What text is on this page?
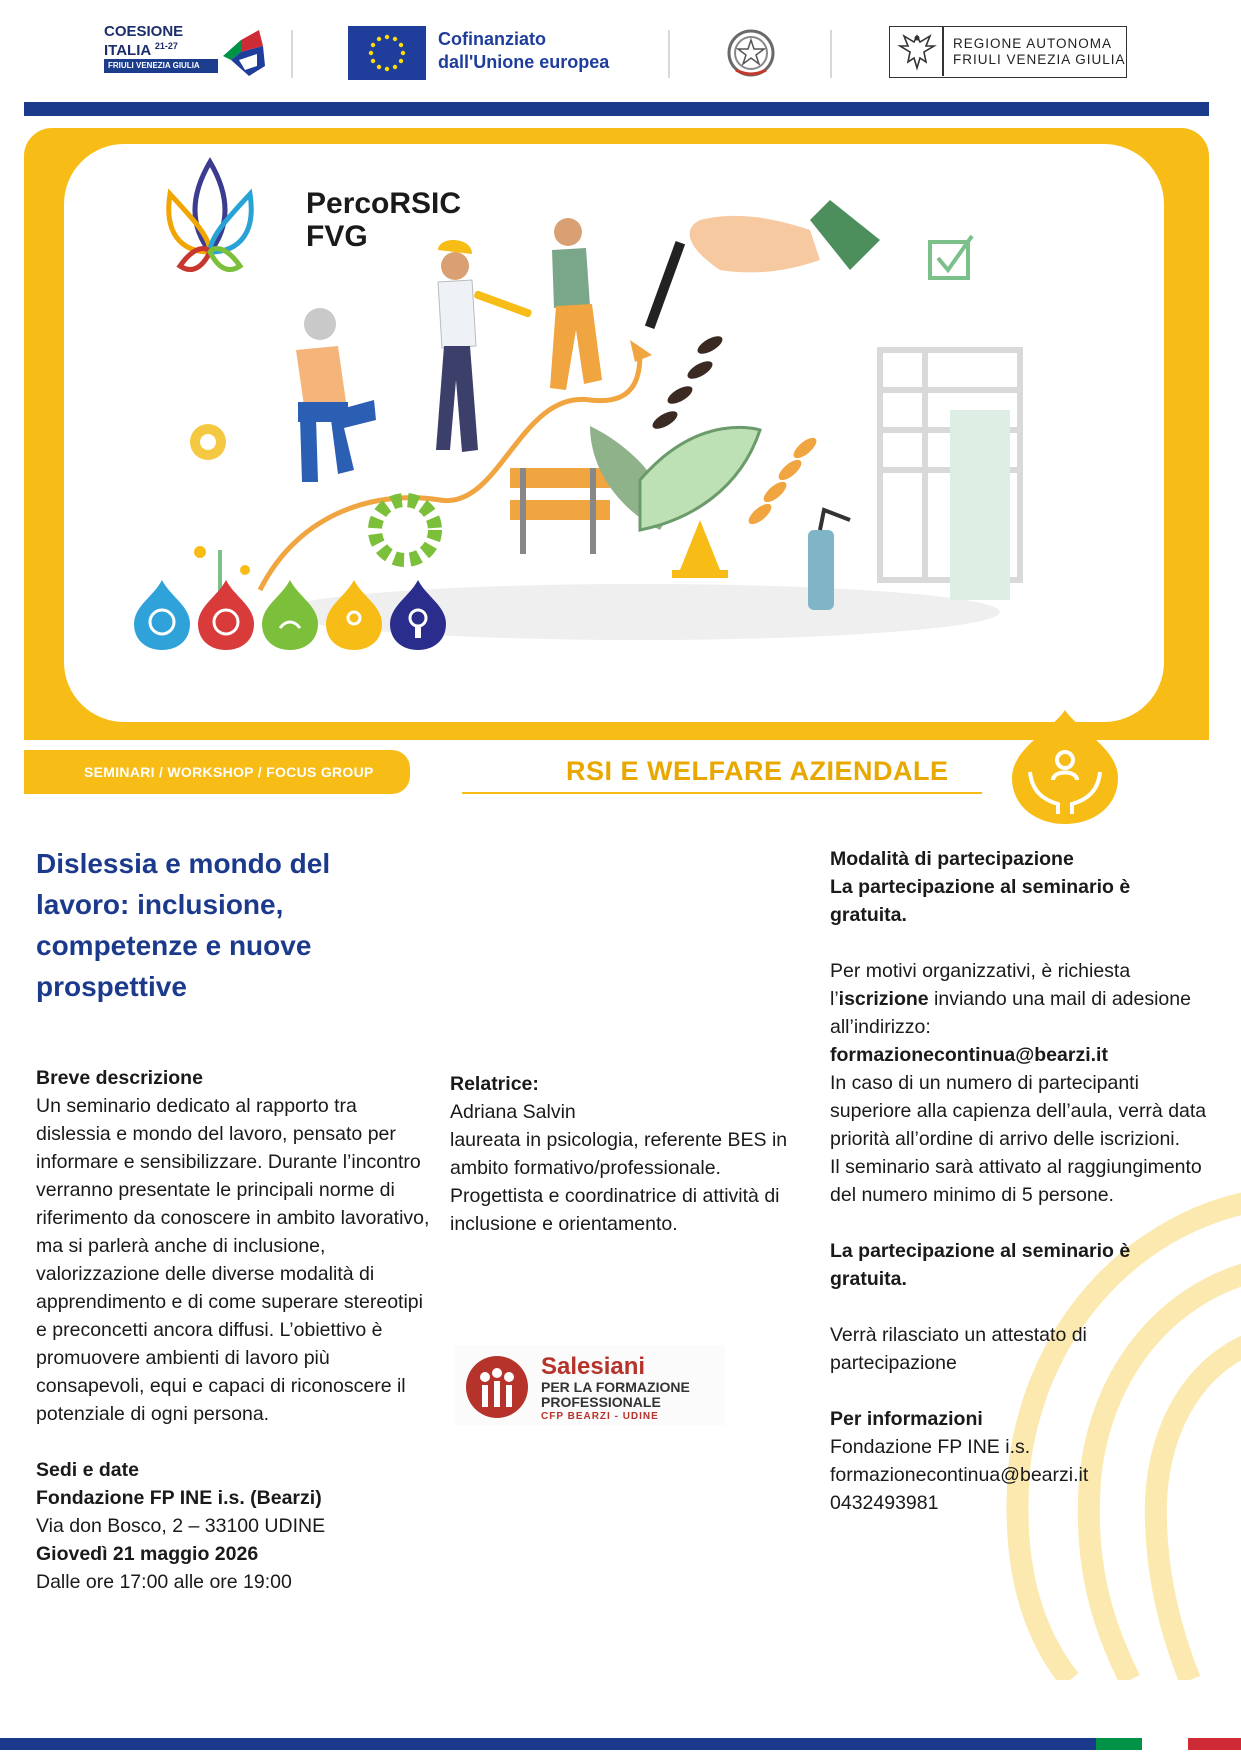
COESIONE
ITALIA $^{21-27}$
FRIULI VENEZIA GIULIA
Cofinanziato
dall'Unione europea
REGIONE AUTONOMA
FRIULI VENEZIA GIULIA
PercoRSIC
FVG
SEMINARI / WORKSHOP / FOCUS GROUP	RSI E WELFARE AZIENDALE
Dislessia e mondo del
lavoro: inclusione,
competenze e nuove
prospettive

Breve descrizione

Un seminario dedicato al rapporto tra dislessia e mondo del lavoro, pensato per informare e sensibilizzare. Durante l’incontro verranno presentate le principali norme di riferimento da conoscere in ambito lavorativo, ma si parlerà anche di inclusione, valorizzazione delle diverse modalità di apprendimento e di come superare stereotipi e preconcetti ancora diffusi. L’obiettivo è promuovere ambienti di lavoro più consapevoli, equi e capaci di riconoscere il potenziale di ogni persona.

Sedi e date

Fondazione FP INE i.s. (Bearzi)

Via don Bosco, 2 – 33100 UDINE

Giovedì 21 maggio 2026

Dalle ore 17:00 alle ore 19:00

Relatrice:

Adriana Salvin

laureata in psicologia, referente BES in ambito formativo/professionale.

Progettista e coordinatrice di attività di inclusione e orientamento.

Salesiani
PER LA FORMAZIONE
PROFESSIONALE
CFP BEARZI - UDINE

Modalità di partecipazione

La partecipazione al seminario è gratuita.

Per motivi organizzativi, è richiesta l’iscrizione inviando una mail di adesione all’indirizzo:

formazionecontinua@bearzi.it

In caso di un numero di partecipanti superiore alla capienza dell’aula, verrà data priorità all’ordine di arrivo delle iscrizioni.

Il seminario sarà attivato al raggiungimento del numero minimo di 5 persone.

La partecipazione al seminario è gratuita.

Verrà rilasciato un attestato di partecipazione

Per informazioni

Fondazione FP INE i.s.

formazionecontinua@bearzi.it

0432493981
